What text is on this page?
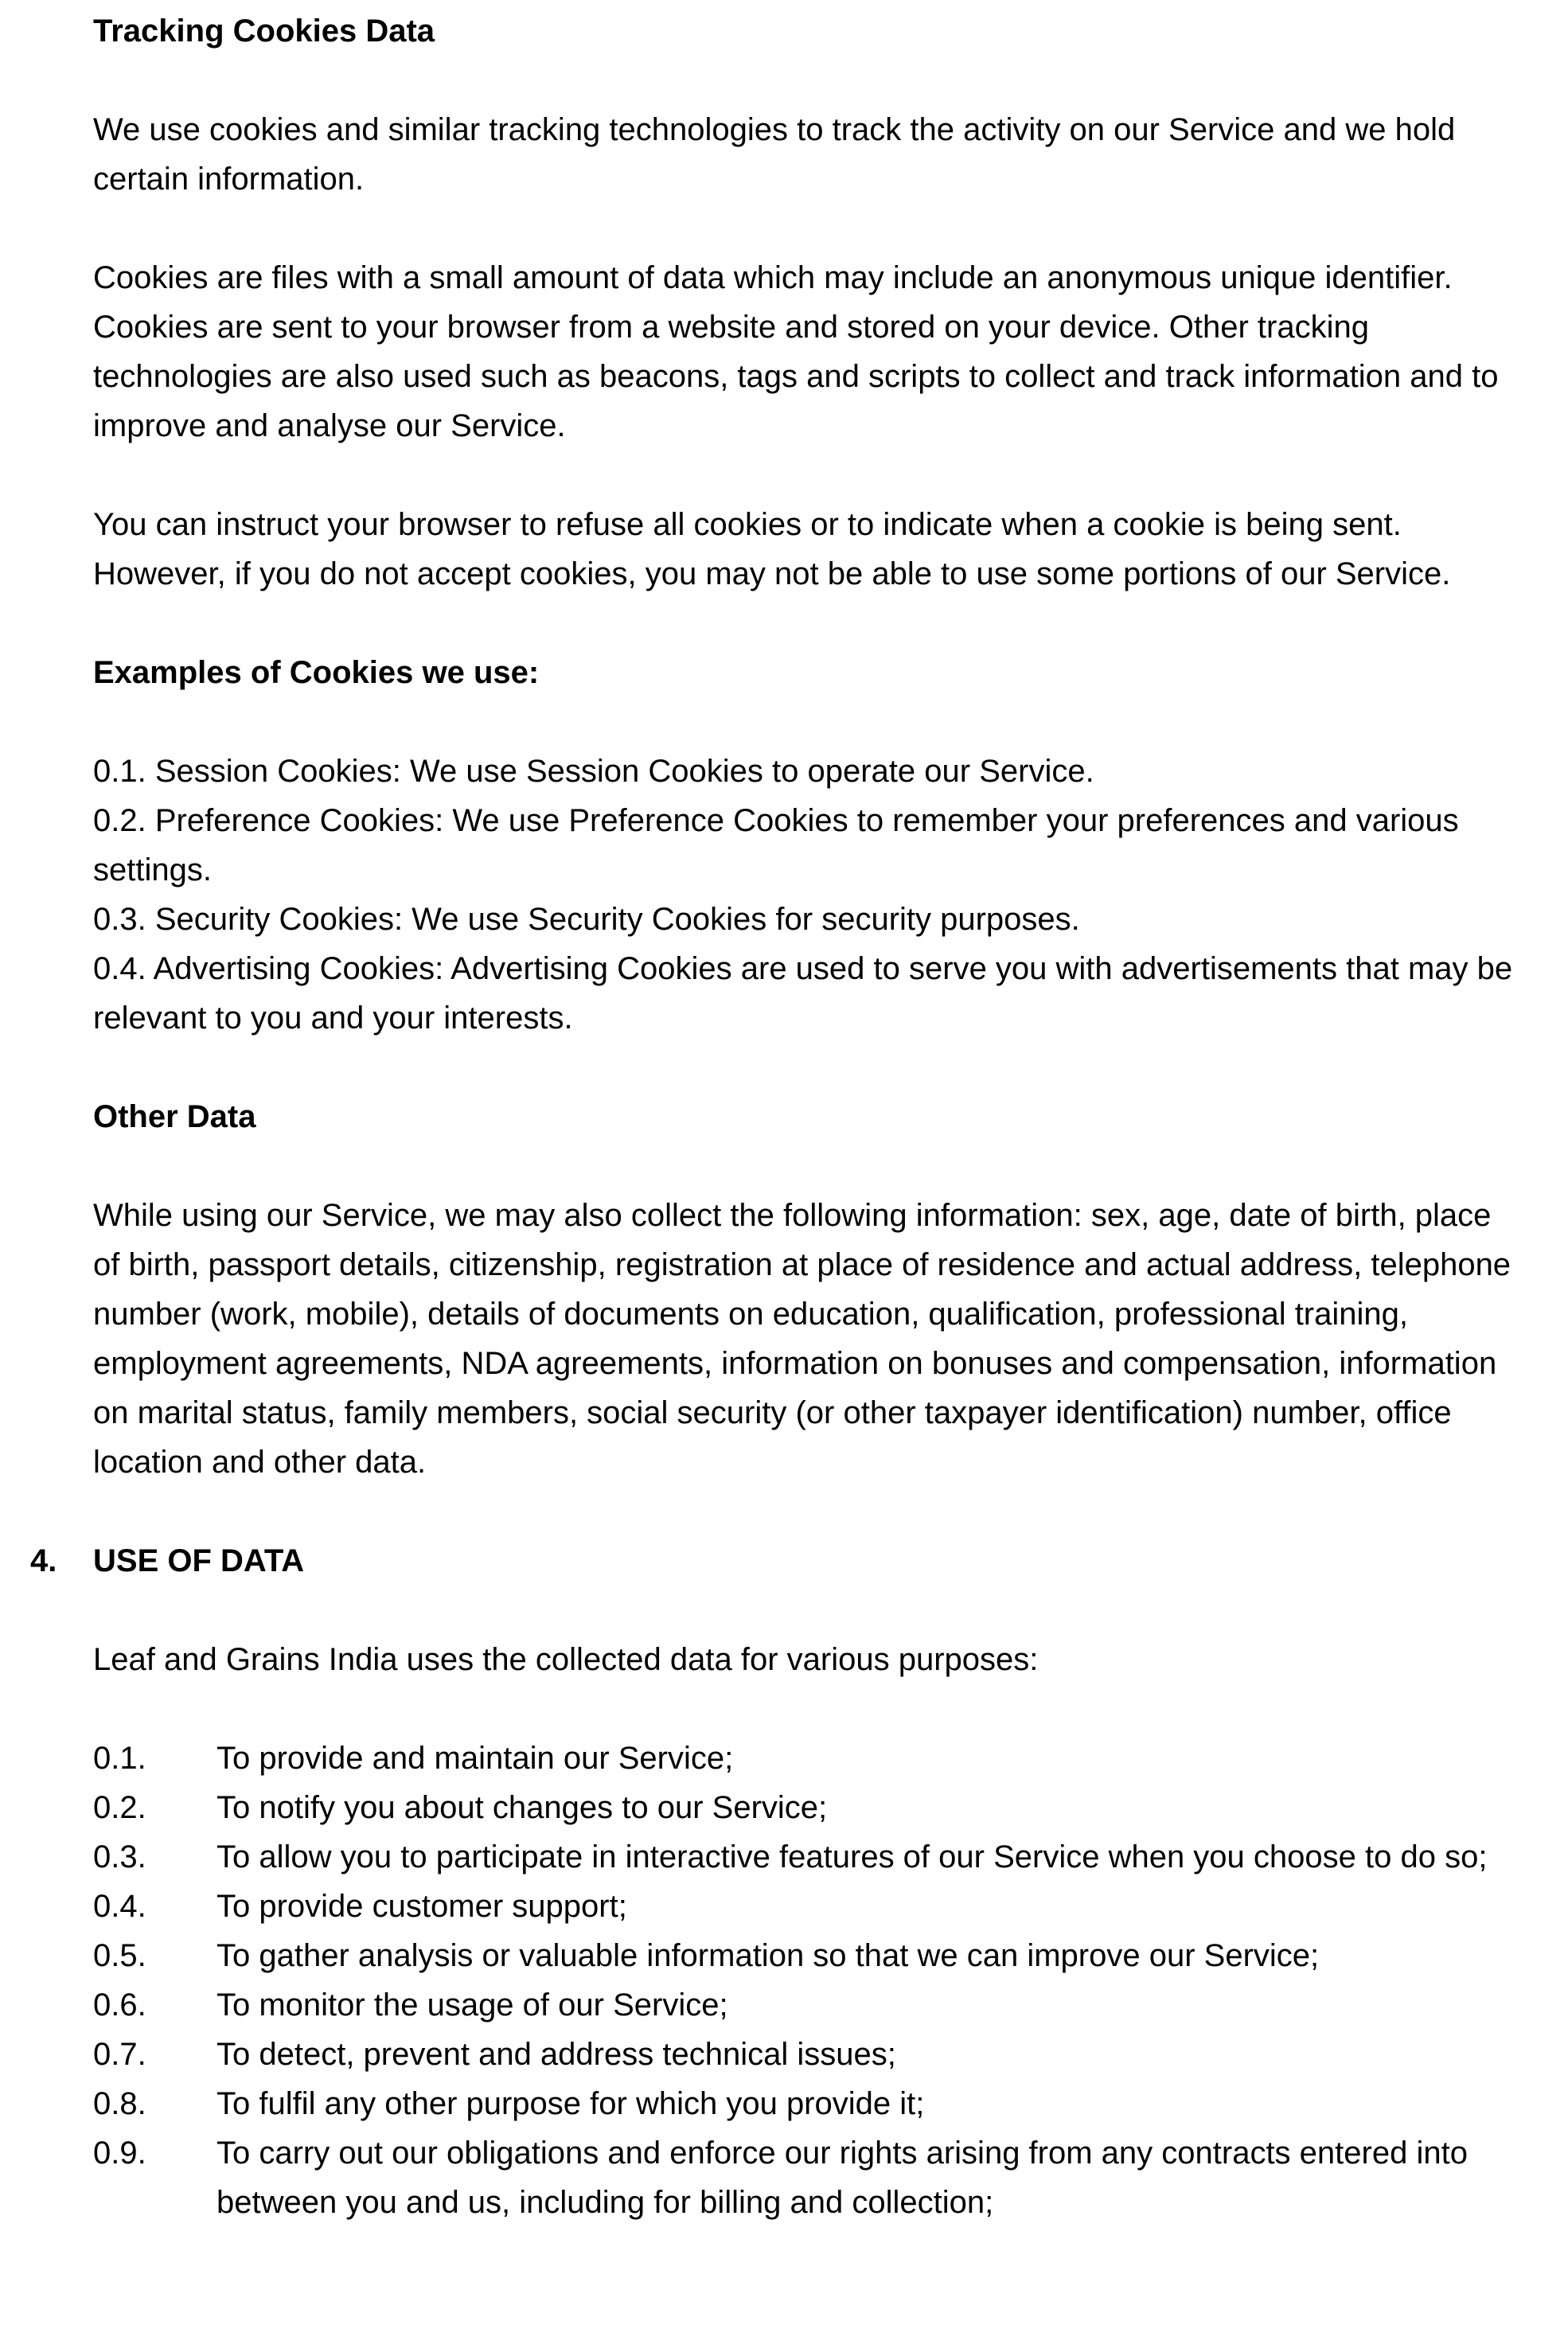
Tracking Cookies Data

We use cookies and similar tracking technologies to track the activity on our Service and we hold certain information.

Cookies are files with a small amount of data which may include an anonymous unique identifier. Cookies are sent to your browser from a website and stored on your device. Other tracking technologies are also used such as beacons, tags and scripts to collect and track information and to improve and analyse our Service.

You can instruct your browser to refuse all cookies or to indicate when a cookie is being sent. However, if you do not accept cookies, you may not be able to use some portions of our Service.

Examples of Cookies we use:
0.1. Session Cookies: We use Session Cookies to operate our Service.
0.2. Preference Cookies: We use Preference Cookies to remember your preferences and various settings.
0.3. Security Cookies: We use Security Cookies for security purposes.
0.4. Advertising Cookies: Advertising Cookies are used to serve you with advertisements that may be relevant to you and your interests.
Other Data

While using our Service, we may also collect the following information: sex, age, date of birth, place of birth, passport details, citizenship, registration at place of residence and actual address, telephone number (work, mobile), details of documents on education, qualification, professional training, employment agreements, NDA agreements, information on bonuses and compensation, information on marital status, family members, social security (or other taxpayer identification) number, office location and other data.

4. USE OF DATA

Leaf and Grains India uses the collected data for various purposes:

0.1.	To provide and maintain our Service;
0.2.	To notify you about changes to our Service;
0.3.	To allow you to participate in interactive features of our Service when you choose to do so;
0.4.	To provide customer support;
0.5.	To gather analysis or valuable information so that we can improve our Service;
0.6.	To monitor the usage of our Service;
0.7.	To detect, prevent and address technical issues;
0.8.	To fulfil any other purpose for which you provide it;
0.9.	To carry out our obligations and enforce our rights arising from any contracts entered into between you and us, including for billing and collection;
